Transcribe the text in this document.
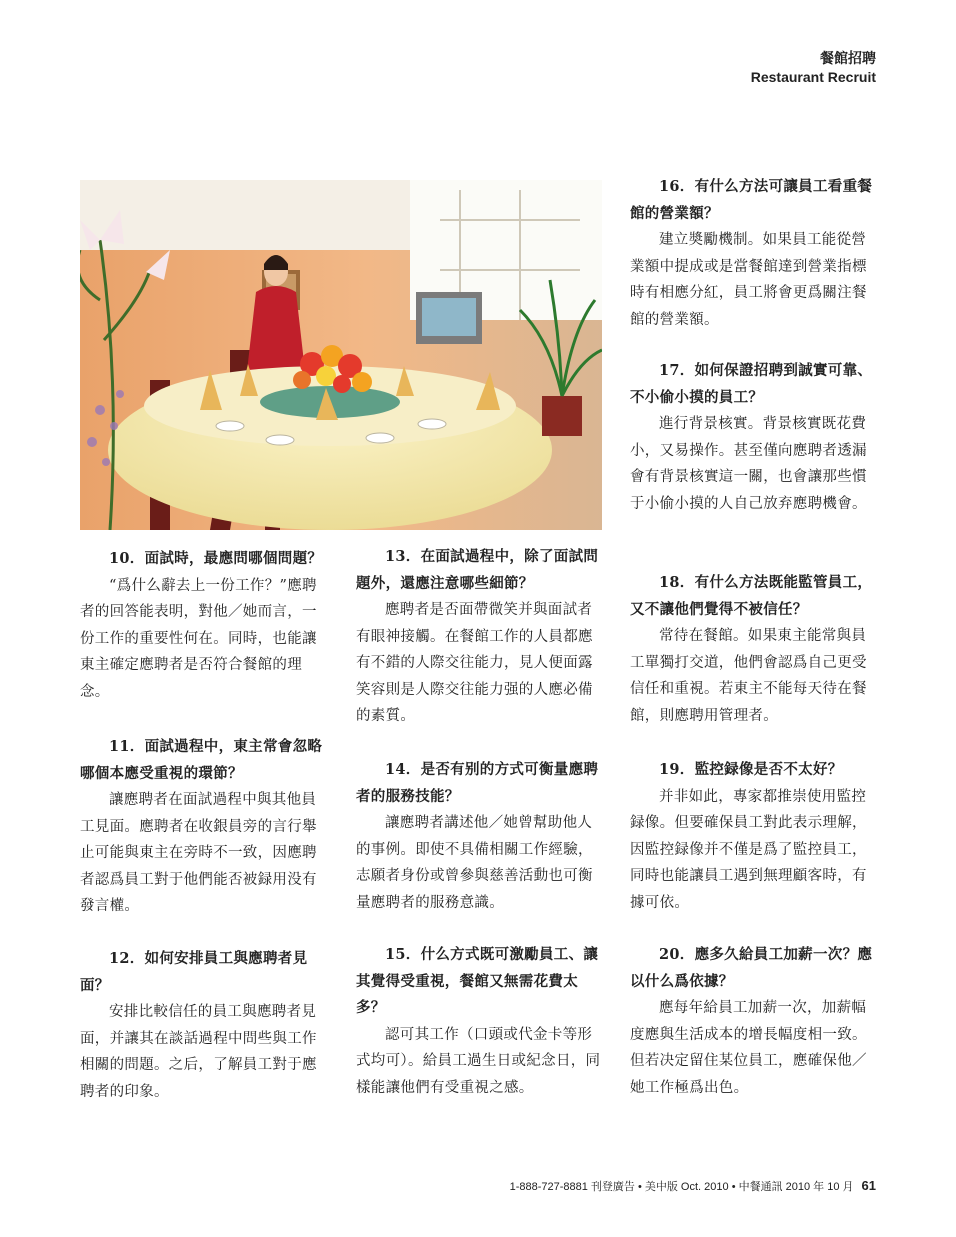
餐館招聘
Restaurant Recruit

10．面試時，最應問哪個問題？

“爲什么辭去上一份工作？”應聘者的回答能表明，對他／她而言，一份工作的重要性何在。同時，也能讓東主確定應聘者是否符合餐館的理念。

11．面試過程中，東主常會忽略哪個本應受重視的環節？

讓應聘者在面試過程中與其他員工見面。應聘者在收銀員旁的言行舉止可能與東主在旁時不一致，因應聘者認爲員工對于他們能否被録用没有發言權。

12．如何安排員工與應聘者見面？

安排比較信任的員工與應聘者見面，并讓其在談話過程中問些與工作相關的問題。之后，了解員工對于應聘者的印象。

13．在面試過程中，除了面試問題外，還應注意哪些細節？

應聘者是否面帶微笑并與面試者有眼神接觸。在餐館工作的人員都應有不錯的人際交往能力，見人便面露笑容則是人際交往能力强的人應必備的素質。

14．是否有别的方式可衡量應聘者的服務技能？

讓應聘者講述他／她曾幫助他人的事例。即使不具備相關工作經驗，志願者身份或曾參與慈善活動也可衡量應聘者的服務意識。

15．什么方式既可激勵員工、讓其覺得受重視，餐館又無需花費太多？

認可其工作（口頭或代金卡等形式均可）。給員工過生日或紀念日，同樣能讓他們有受重視之感。

16．有什么方法可讓員工看重餐館的營業額？

建立奬勵機制。如果員工能從營業額中提成或是當餐館達到營業指標時有相應分紅，員工將會更爲關注餐館的營業額。

17．如何保證招聘到誠實可靠、不小偷小摸的員工？

進行背景核實。背景核實既花費小，又易操作。甚至僅向應聘者透漏會有背景核實這一關，也會讓那些慣于小偷小摸的人自己放弃應聘機會。

18．有什么方法既能監管員工，又不讓他們覺得不被信任？

常待在餐館。如果東主能常與員工單獨打交道，他們會認爲自己更受信任和重視。若東主不能每天待在餐館，則應聘用管理者。

19．監控録像是否不太好？

并非如此，專家都推崇使用監控録像。但要確保員工對此表示理解，因監控録像并不僅是爲了監控員工，同時也能讓員工遇到無理顧客時，有據可依。

20．應多久給員工加薪一次？應以什么爲依據？

應每年給員工加薪一次，加薪幅度應與生活成本的增長幅度相一致。但若决定留住某位員工，應確保他／她工作極爲出色。

1-888-727-8881 刊登廣告 • 美中版 Oct. 2010 • 中餐通訊 2010 年 10 月 61
